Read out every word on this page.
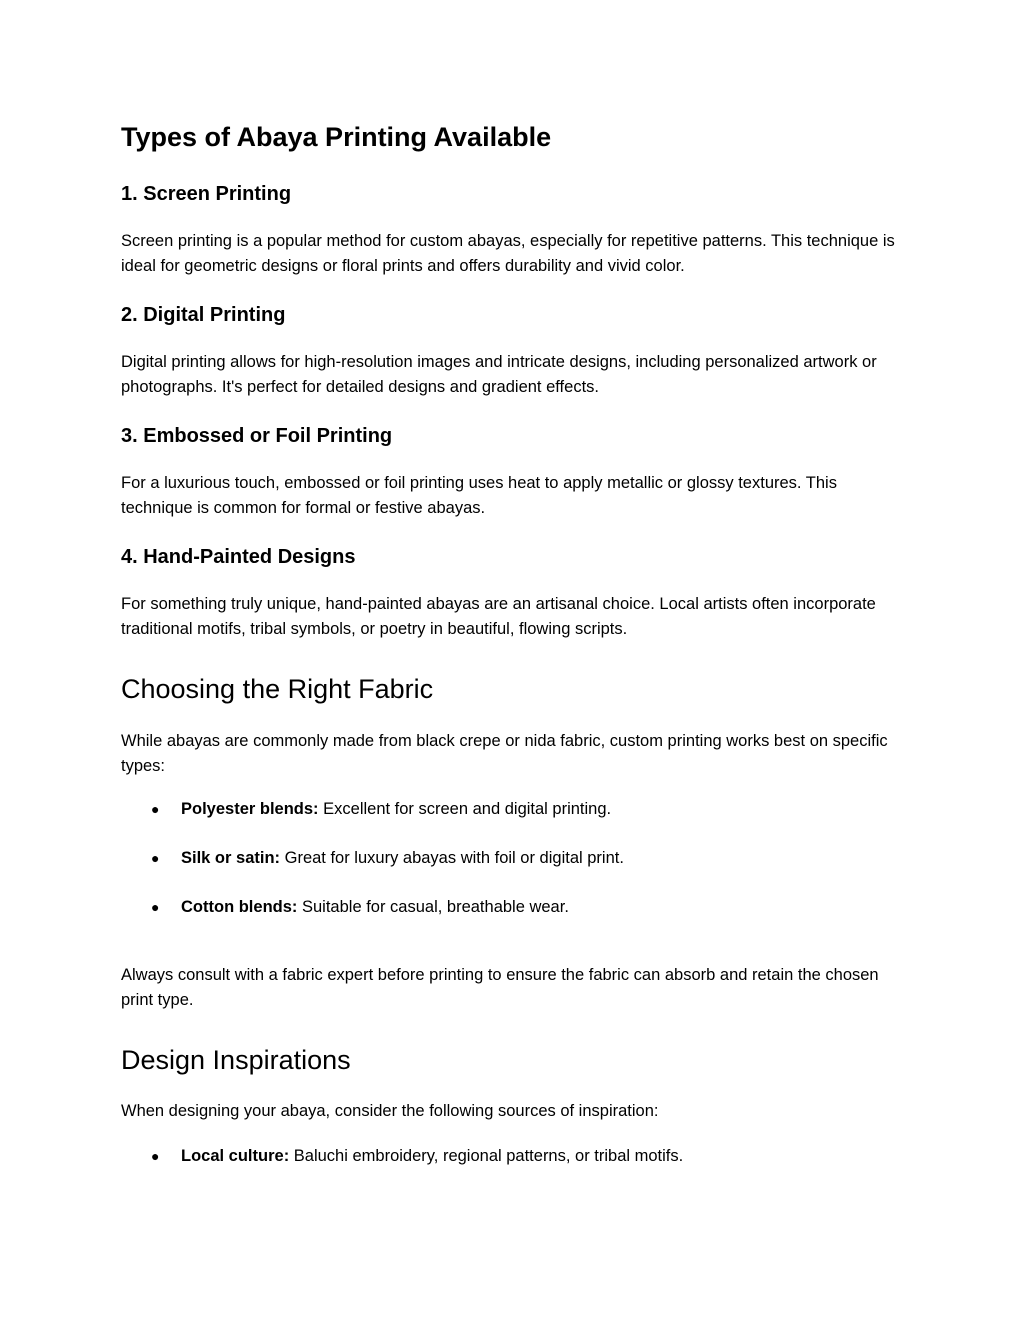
Types of Abaya Printing Available
1. Screen Printing

Screen printing is a popular method for custom abayas, especially for repetitive patterns. This technique is ideal for geometric designs or floral prints and offers durability and vivid color.

2. Digital Printing

Digital printing allows for high-resolution images and intricate designs, including personalized artwork or photographs. It's perfect for detailed designs and gradient effects.

3. Embossed or Foil Printing

For a luxurious touch, embossed or foil printing uses heat to apply metallic or glossy textures. This technique is common for formal or festive abayas.

4. Hand-Painted Designs

For something truly unique, hand-painted abayas are an artisanal choice. Local artists often incorporate traditional motifs, tribal symbols, or poetry in beautiful, flowing scripts.

Choosing the Right Fabric

While abayas are commonly made from black crepe or nida fabric, custom printing works best on specific types:

● Polyester blends: Excellent for screen and digital printing.
● Silk or satin: Great for luxury abayas with foil or digital print.
● Cotton blends: Suitable for casual, breathable wear.

Always consult with a fabric expert before printing to ensure the fabric can absorb and retain the chosen print type.

Design Inspirations

When designing your abaya, consider the following sources of inspiration:

● Local culture: Baluchi embroidery, regional patterns, or tribal motifs.
